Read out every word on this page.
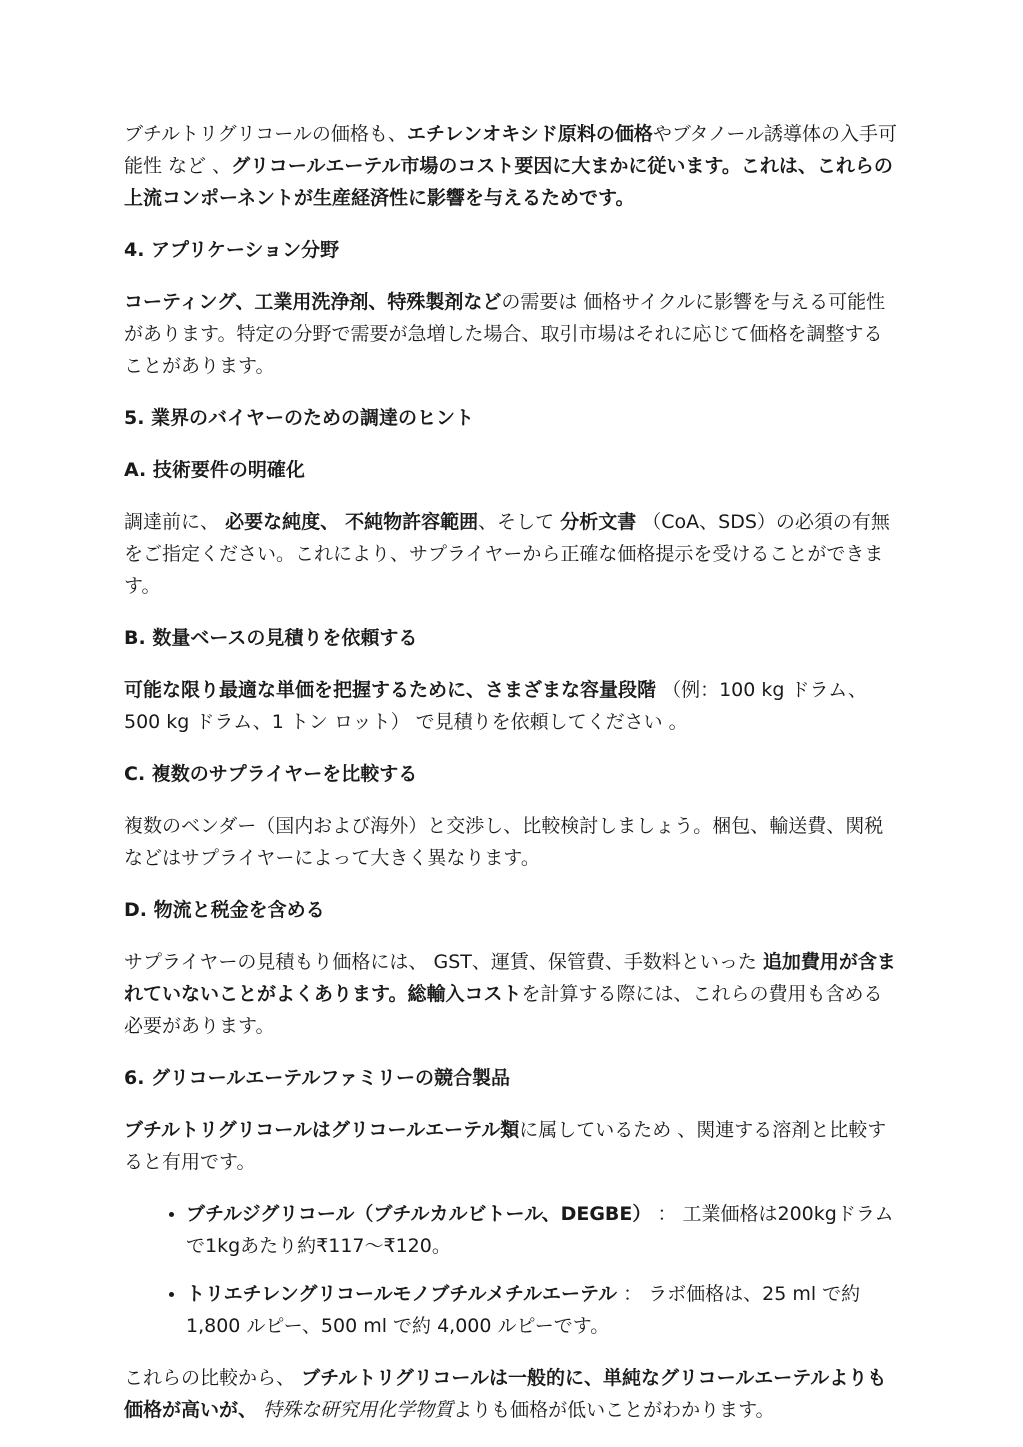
ブチルトリグリコールの価格も、エチレンオキシド原料の価格やブタノール誘導体の入手可能性 など 、グリコールエーテル市場のコスト要因に大まかに従います。これは、これらの上流コンポーネントが生産経済性に影響を与えるためです。

4. アプリケーション分野

コーティング、工業用洗浄剤、特殊製剤などの需要は 価格サイクルに影響を与える可能性があります。特定の分野で需要が急増した場合、取引市場はそれに応じて価格を調整することがあります。

5. 業界のバイヤーのための調達のヒント

A. 技術要件の明確化

調達前に、 必要な純度、 不純物許容範囲、そして 分析文書 （CoA、SDS）の必須の有無をご指定ください。これにより、サプライヤーから正確な価格提示を受けることができます。

B. 数量ベースの見積りを依頼する

可能な限り最適な単価を把握するために、さまざまな容量段階 （例：100 kg ドラム、500 kg ドラム、1 トン ロット） で見積りを依頼してください 。

C. 複数のサプライヤーを比較する

複数のベンダー（国内および海外）と交渉し、比較検討しましょう。梱包、輸送費、関税などはサプライヤーによって大きく異なります。

D. 物流と税金を含める

サプライヤーの見積もり価格には、 GST、運賃、保管費、手数料といった 追加費用が含まれていないことがよくあります。総輸入コストを計算する際には、これらの費用も含める必要があります。

6. グリコールエーテルファミリーの競合製品

ブチルトリグリコールはグリコールエーテル類に属しているため 、関連する溶剤と比較すると有用です。

• ブチルジグリコール（ブチルカルビトール、DEGBE） ： 工業価格は200kgドラムで1kgあたり約₹117～₹120。
• トリエチレングリコールモノブチルメチルエーテル ： ラボ価格は、25 ml で約 1,800 ルピー、500 ml で約 4,000 ルピーです。

これらの比較から、 ブチルトリグリコールは一般的に、単純なグリコールエーテルよりも価格が高いが、 特殊な研究用化学物質よりも価格が低いことがわかります。
